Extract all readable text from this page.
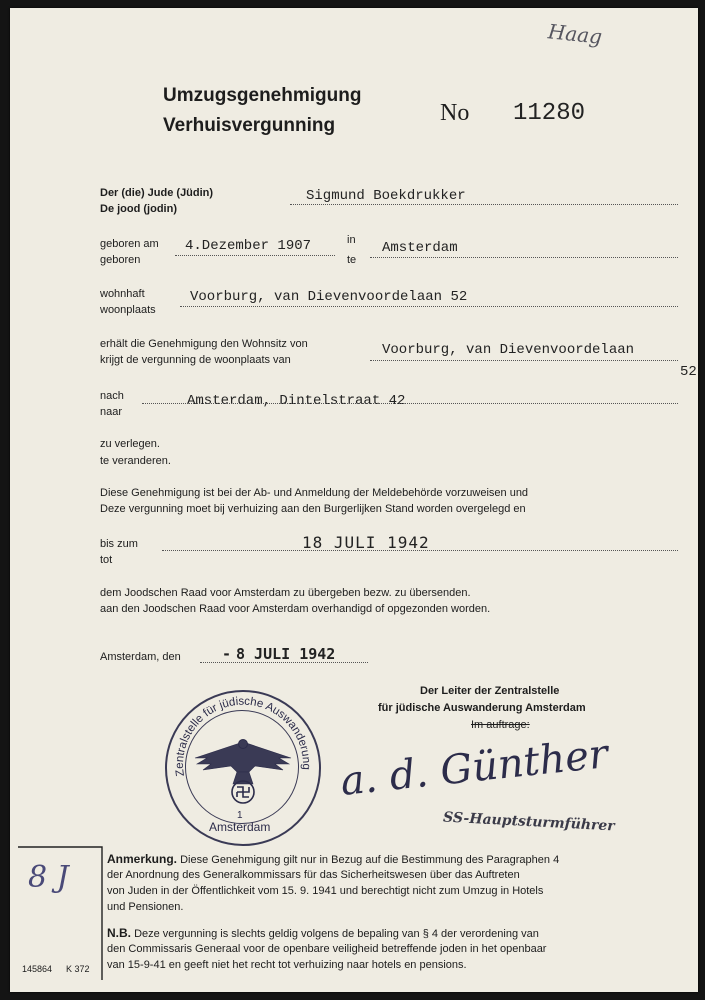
Umzugsgenehmigung
Verhuisvergunning	No 11280
Haag
Der (die) Jude (Jüdin)
De jood (jodin)
Sigmund Boekdrukker
geboren am
geboren
4.Dezember 1907	in
te
Amsterdam
wohnhaft
woonplaats
Voorburg, van Dievenvoordelaan 52
erhält die Genehmigung den Wohnsitz von
krijgt de vergunning de woonplaats van
Voorburg, van Dievenvoordelaan
52
nach
naar
Amsterdam, Dintelstraat 42
zu verlegen.
te veranderen.
Diese Genehmigung ist bei der Ab- und Anmeldung der Meldebehörde vorzuweisen und
Deze vergunning moet bij verhuizing aan den Burgerlijken Stand worden overgelegd en
bis zum
tot
18 JULI 1942
dem Joodschen Raad voor Amsterdam zu übergeben bezw. zu übersenden.
aan den Joodschen Raad voor Amsterdam overhandigd of opgezonden worden.
Amsterdam, den	- 8 JULI 1942
Der Leiter der Zentralstelle
für jüdische Auswanderung Amsterdam
Im auftrage:
a. d. Günther
SS-Hauptsturmführer
Zentralstelle für jüdische Auswanderung
1
Amsterdam
8 J
Anmerkung. Diese Genehmigung gilt nur in Bezug auf die Bestimmung des Paragraphen 4
der Anordnung des Generalkommissars für das Sicherheitswesen über das Auftreten
von Juden in der Öffentlichkeit vom 15. 9. 1941 und berechtigt nicht zum Umzug in Hotels
und Pensionen.
N.B. Deze vergunning is slechts geldig volgens de bepaling van § 4 der verordening van
den Commissaris Generaal voor de openbare veiligheid betreffende joden in het openbaar
van 15-9-41 en geeft niet het recht tot verhuizing naar hotels en pensions.
145864 K 372
